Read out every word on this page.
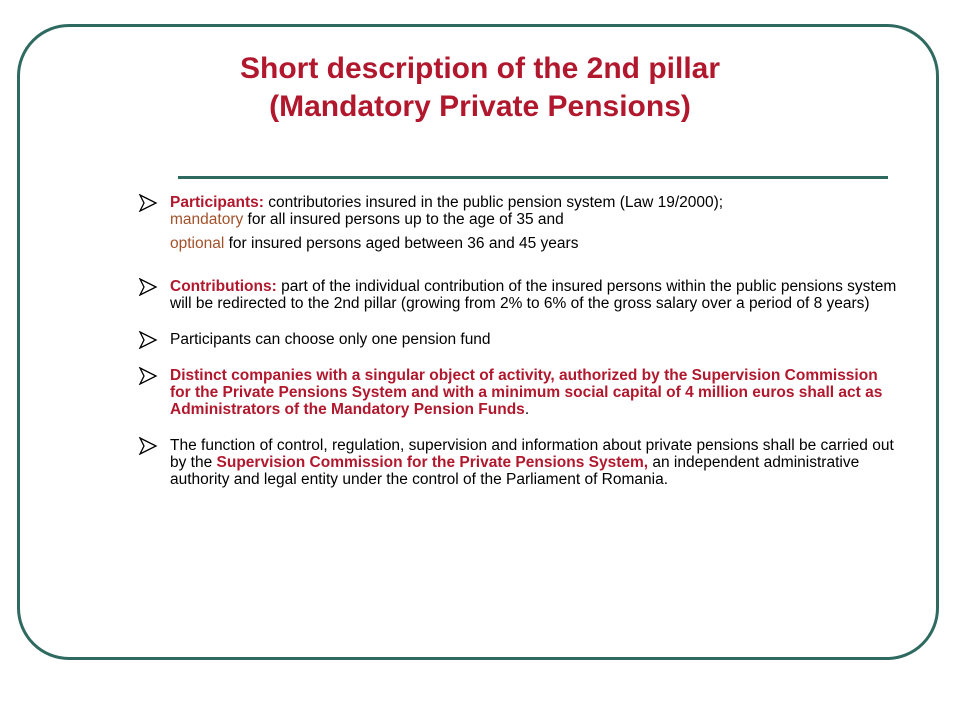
Short description of the 2nd pillar
(Mandatory Private Pensions)
Participants: contributories insured in the public pension system (Law 19/2000);
mandatory for all insured persons up to the age of 35 and
optional for insured persons aged between 36 and 45 years
Contributions: part of the individual contribution of the insured persons within the public pensions system will be redirected to the 2nd pillar (growing from 2% to 6% of the gross salary over a period of 8 years)
Participants can choose only one pension fund
Distinct companies with a singular object of activity, authorized by the Supervision Commission for the Private Pensions System and with a minimum social capital of 4 million euros shall act as Administrators of the Mandatory Pension Funds.
The function of control, regulation, supervision and information about private pensions shall be carried out by the Supervision Commission for the Private Pensions System, an independent administrative authority and legal entity under the control of the Parliament of Romania.
